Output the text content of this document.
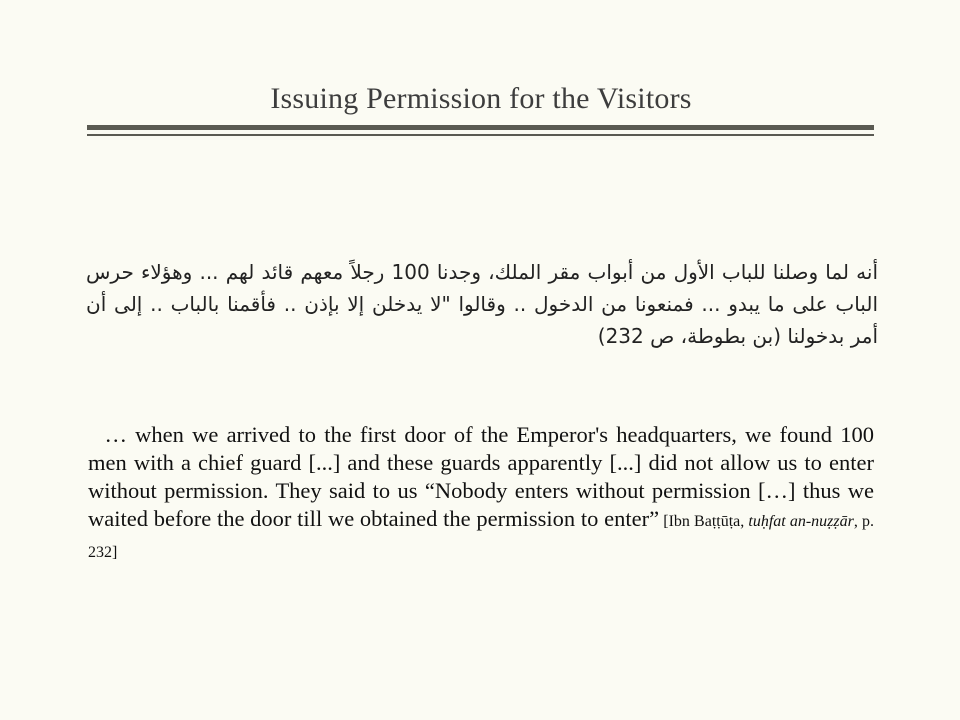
Issuing Permission for the Visitors

أنه لما وصلنا للباب الأول من أبواب مقر الملك، وجدنا 100 رجلاً معهم قائد لهم ... وهؤلاء حرس الباب على ما يبدو ... فمنعونا من الدخول .. وقالوا "لا يدخلن إلا بإذن .. فأقمنا بالباب .. إلى أن أمر بدخولنا (بن بطوطة، ص 232)

… when we arrived to the first door of the Emperor's headquarters, we found 100 men with a chief guard [...] and these guards apparently [...] did not allow us to enter without permission. They said to us “Nobody enters without permission […] thus we waited before the door till we obtained the permission to enter” [Ibn Baṭṭūṭa, tuḥfat an-nuẓẓār, p. 232]
